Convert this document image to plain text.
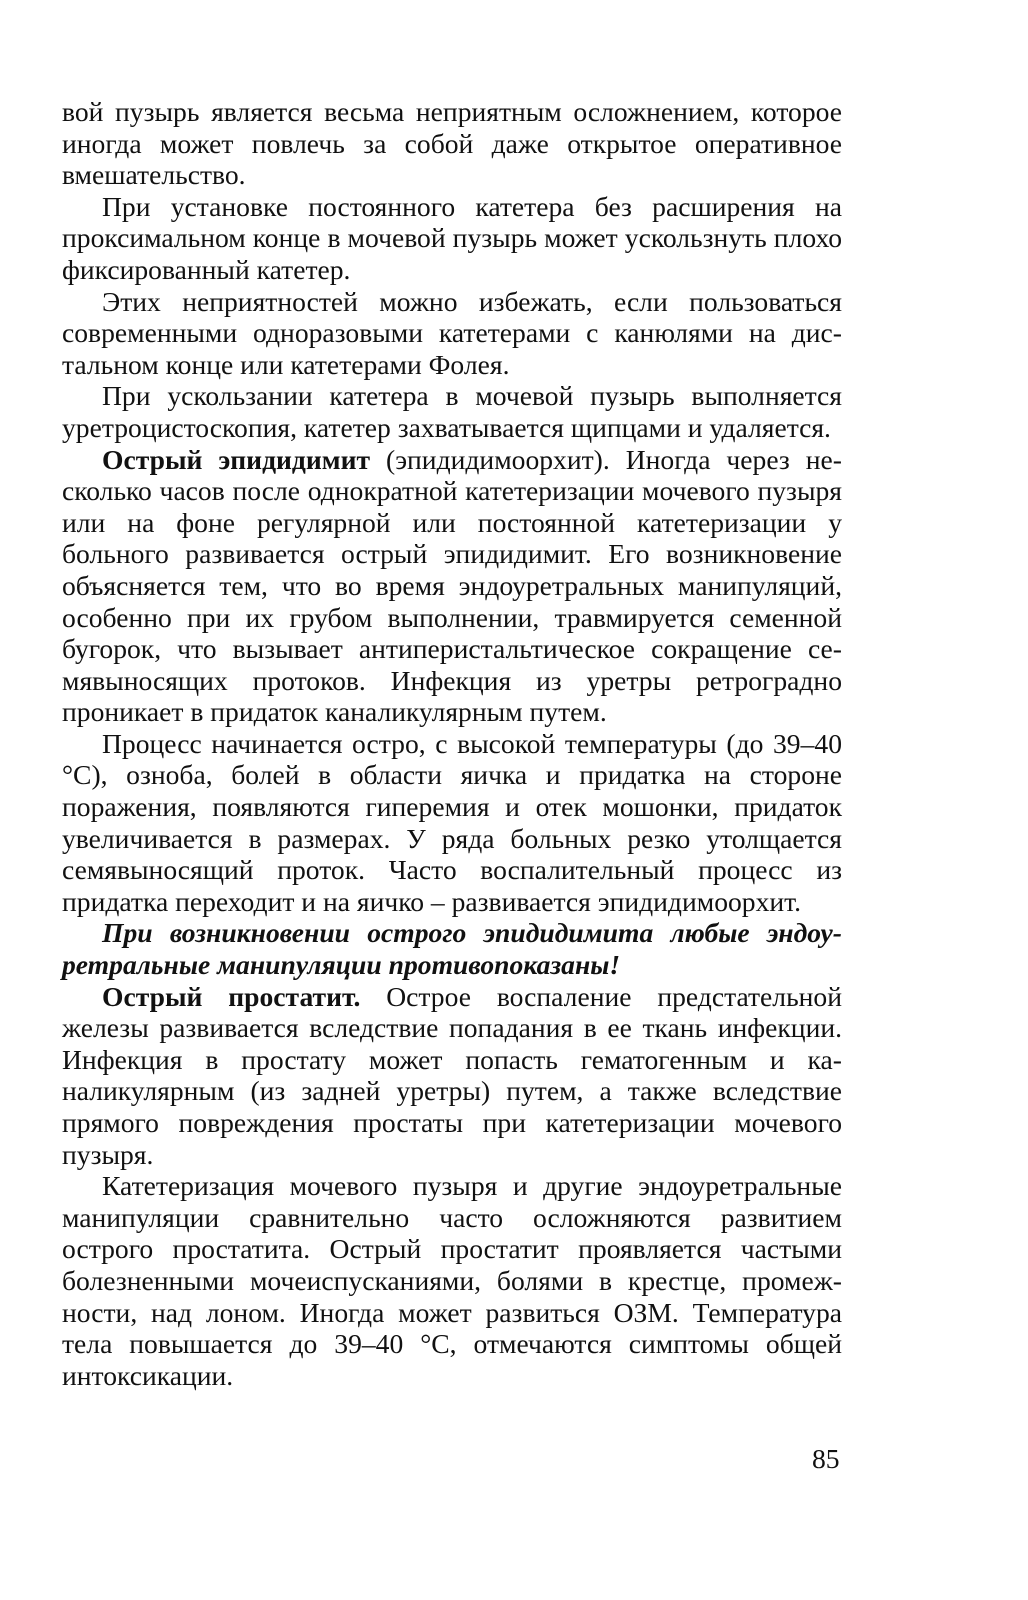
вой пузырь является весьма неприятным осложнением, которое иногда может повлечь за собой даже открытое оперативное вмешательство.

При установке постоянного катетера без расширения на проксимальном конце в мочевой пузырь может ускользнуть плохо фиксированный катетер.

Этих неприятностей можно избежать, если пользоваться современными одноразовыми катетерами с канюлями на дистальном конце или катетерами Фолея.

При ускользании катетера в мочевой пузырь выполняется уретроцистоскопия, катетер захватывается щипцами и удаляется.

Острый эпидидимит (эпидидимоорхит). Иногда через несколько часов после однократной катетеризации мочевого пузыря или на фоне регулярной или постоянной катетеризации у больного развивается острый эпидидимит. Его возникновение объясняется тем, что во время эндоуретральных манипуляций, особенно при их грубом выполнении, травмируется семенной бугорок, что вызывает антиперистальтическое сокращение семявыносящих протоков. Инфекция из уретры ретроградно проникает в придаток каналикулярным путем.

Процесс начинается остро, с высокой температуры (до 39–40 °C), озноба, болей в области яичка и придатка на стороне поражения, появляются гиперемия и отек мошонки, придаток увеличивается в размерах. У ряда больных резко утолщается семявыносящий проток. Часто воспалительный процесс из придатка переходит и на яичко – развивается эпидидимоорхит.

При возникновении острого эпидидимита любые эндоуретральные манипуляции противопоказаны!

Острый простатит. Острое воспаление предстательной железы развивается вследствие попадания в ее ткань инфекции. Инфекция в простату может попасть гематогенным и каналикулярным (из задней уретры) путем, а также вследствие прямого повреждения простаты при катетеризации мочевого пузыря.

Катетеризация мочевого пузыря и другие эндоуретральные манипуляции сравнительно часто осложняются развитием острого простатита. Острый простатит проявляется частыми болезненными мочеиспусканиями, болями в крестце, промежности, над лоном. Иногда может развиться ОЗМ. Температура тела повышается до 39–40 °C, отмечаются симптомы общей интоксикации.

85
